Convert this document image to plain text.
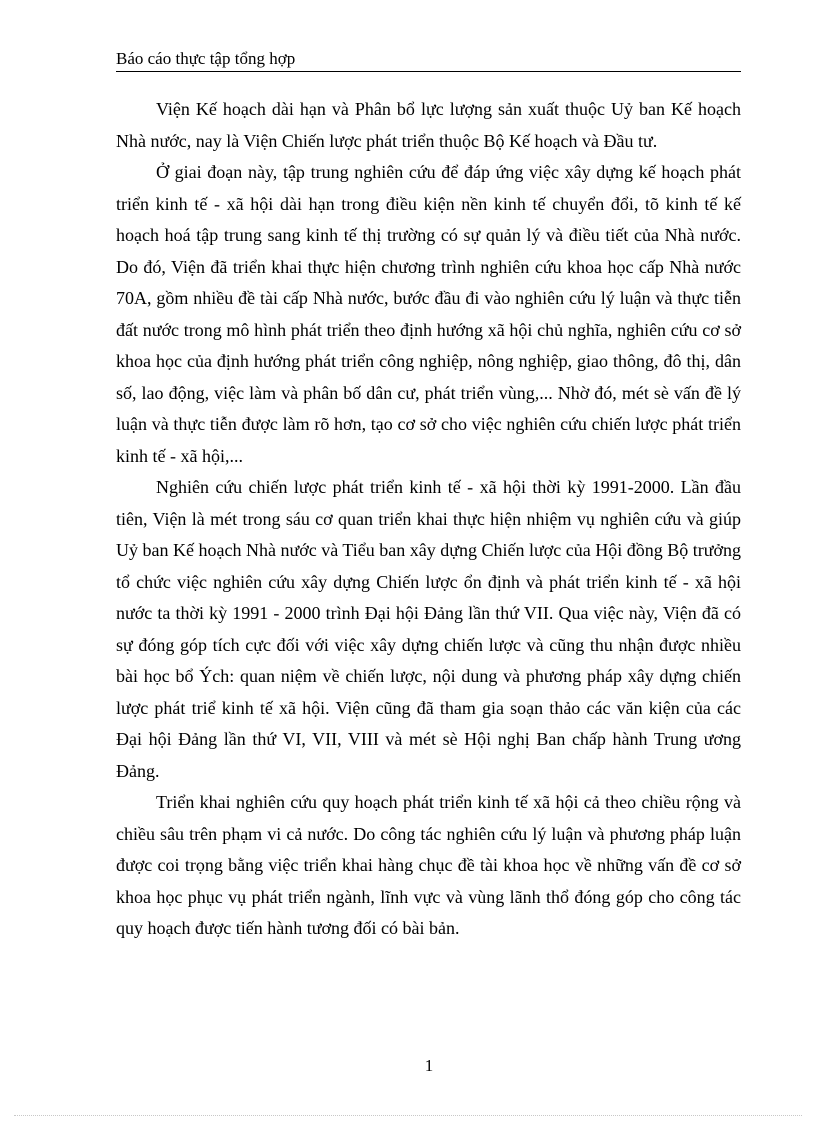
Báo cáo thực tập tổng hợp

Viện Kế hoạch dài hạn và Phân bổ lực lượng sản xuất thuộc Uỷ ban Kế hoạch Nhà nước, nay là Viện Chiến lược phát triển thuộc Bộ Kế hoạch và Đầu tư.

Ở giai đoạn này, tập trung nghiên cứu để đáp ứng việc xây dựng kế hoạch phát triển kinh tế - xã hội dài hạn trong điều kiện nền kinh tế chuyển đổi, tõ kinh tế kế hoạch hoá tập trung sang kinh tế thị trường có sự quản lý và điều tiết của Nhà nước. Do đó, Viện đã triển khai thực hiện chương trình nghiên cứu khoa học cấp Nhà nước 70A, gồm nhiều đề tài cấp Nhà nước, bước đầu đi vào nghiên cứu lý luận và thực tiễn đất nước trong mô hình phát triển theo định hướng xã hội chủ nghĩa, nghiên cứu cơ sở khoa học của định hướng phát triển công nghiệp, nông nghiệp, giao thông, đô thị, dân số, lao động, việc làm và phân bố dân cư, phát triển vùng,... Nhờ đó, mét sè vấn đề lý luận và thực tiễn được làm rõ hơn, tạo cơ sở cho việc nghiên cứu chiến lược phát triển kinh tế - xã hội,...

Nghiên cứu chiến lược phát triển kinh tế - xã hội thời kỳ 1991-2000. Lần đầu tiên, Viện là mét trong sáu cơ quan triển khai thực hiện nhiệm vụ nghiên cứu và giúp Uỷ ban Kế hoạch Nhà nước và Tiểu ban xây dựng Chiến lược của Hội đồng Bộ trưởng tổ chức việc nghiên cứu xây dựng Chiến lược ổn định và phát triển kinh tế - xã hội nước ta thời kỳ 1991 - 2000 trình Đại hội Đảng lần thứ VII. Qua việc này, Viện đã có sự đóng góp tích cực đối với việc xây dựng chiến lược và cũng thu nhận được nhiều bài học bổ Ých: quan niệm về chiến lược, nội dung và phương pháp xây dựng chiến lược phát triể kinh tế xã hội. Viện cũng đã tham gia soạn thảo các văn kiện của các Đại hội Đảng lần thứ VI, VII, VIII và mét sè Hội nghị Ban chấp hành Trung ương Đảng.

Triển khai nghiên cứu quy hoạch phát triển kinh tế xã hội cả theo chiều rộng và chiều sâu trên phạm vi cả nước. Do công tác nghiên cứu lý luận và phương pháp luận được coi trọng bằng việc triển khai hàng chục đề tài khoa học về những vấn đề cơ sở khoa học phục vụ phát triển ngành, lĩnh vực và vùng lãnh thổ đóng góp cho công tác quy hoạch được tiến hành tương đối có bài bản.

1
